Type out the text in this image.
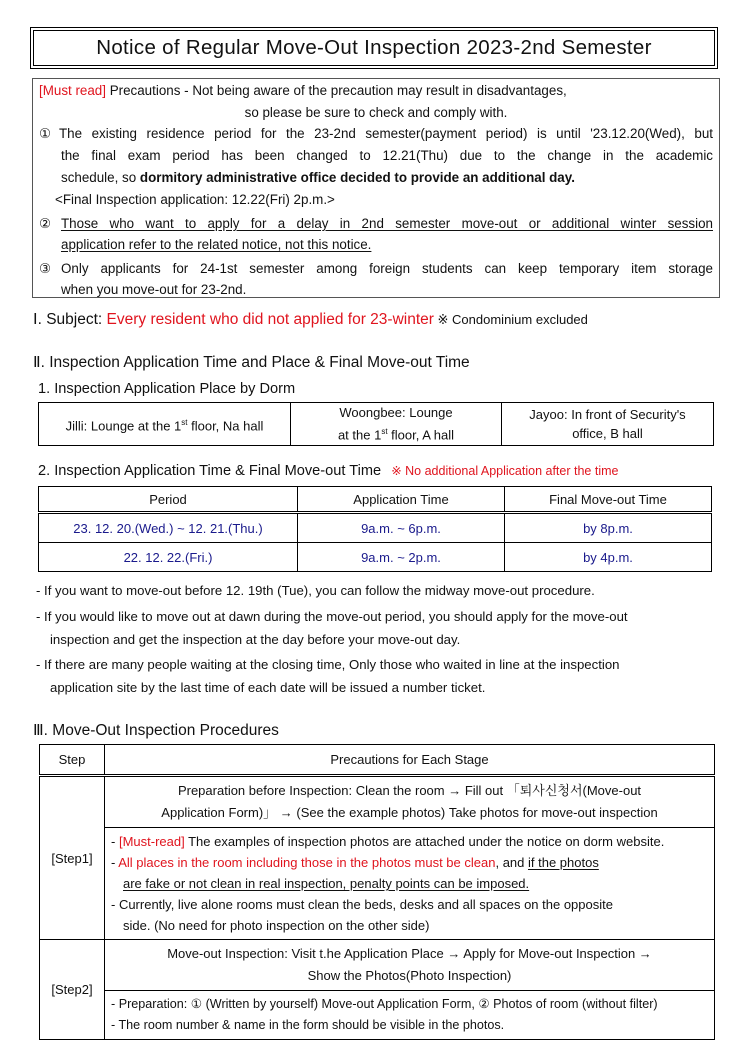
Notice of Regular Move-Out Inspection 2023-2nd Semester
[Must read] Precautions - Not being aware of the precaution may result in disadvantages,
so please be sure to check and comply with.
① The existing residence period for the 23-2nd semester(payment period) is until '23.12.20(Wed), but
the final exam period has been changed to 12.21(Thu) due to the change in the academic
schedule, so dormitory administrative office decided to provide an additional day.
<Final Inspection application: 12.22(Fri) 2p.m.>
② Those who want to apply for a delay in 2nd semester move-out or additional winter session
application refer to the related notice, not this notice.
③ Only applicants for 24-1st semester among foreign students can keep temporary item storage
when you move-out for 23-2nd.
Ⅰ. Subject: Every resident who did not applied for 23-winter ※ Condominium excluded
Ⅱ. Inspection Application Time and Place & Final Move-out Time
1. Inspection Application Place by Dorm
Jilli: Lounge at the 1st floor, Na hall	Woongbee: Lounge
at the 1st floor, A hall	Jayoo: In front of Security's
office, B hall
2. Inspection Application Time & Final Move-out Time ※ No additional Application after the time
Period	Application Time	Final Move-out Time
23. 12. 20.(Wed.) ~ 12. 21.(Thu.)	9a.m. ~ 6p.m.	by 8p.m.
22. 12. 22.(Fri.)	9a.m. ~ 2p.m.	by 4p.m.
- If you want to move-out before 12. 19th (Tue), you can follow the midway move-out procedure.
- If you would like to move out at dawn during the move-out period, you should apply for the move-out
inspection and get the inspection at the day before your move-out day.
- If there are many people waiting at the closing time, Only those who waited in line at the inspection
application site by the last time of each date will be issued a number ticket.
Ⅲ. Move-Out Inspection Procedures
Step	Precautions for Each Stage
[Step1]	Preparation before Inspection: Clean the room → Fill out 「퇴사신청서(Move-out
Application Form)」 → (See the example photos) Take photos for move-out inspection

	- [Must-read] The examples of inspection photos are attached under the notice on dorm website.
- All places in the room including those in the photos must be clean, and if the photos
are fake or not clean in real inspection, penalty points can be imposed.
- Currently, live alone rooms must clean the beds, desks and all spaces on the opposite
side. (No need for photo inspection on the other side)

[Step2]	Move-out Inspection: Visit t.he Application Place → Apply for Move-out Inspection →
Show the Photos(Photo Inspection)

	- Preparation: ① (Written by yourself) Move-out Application Form, ② Photos of room (without filter)
- The room number & name in the form should be visible in the photos.
